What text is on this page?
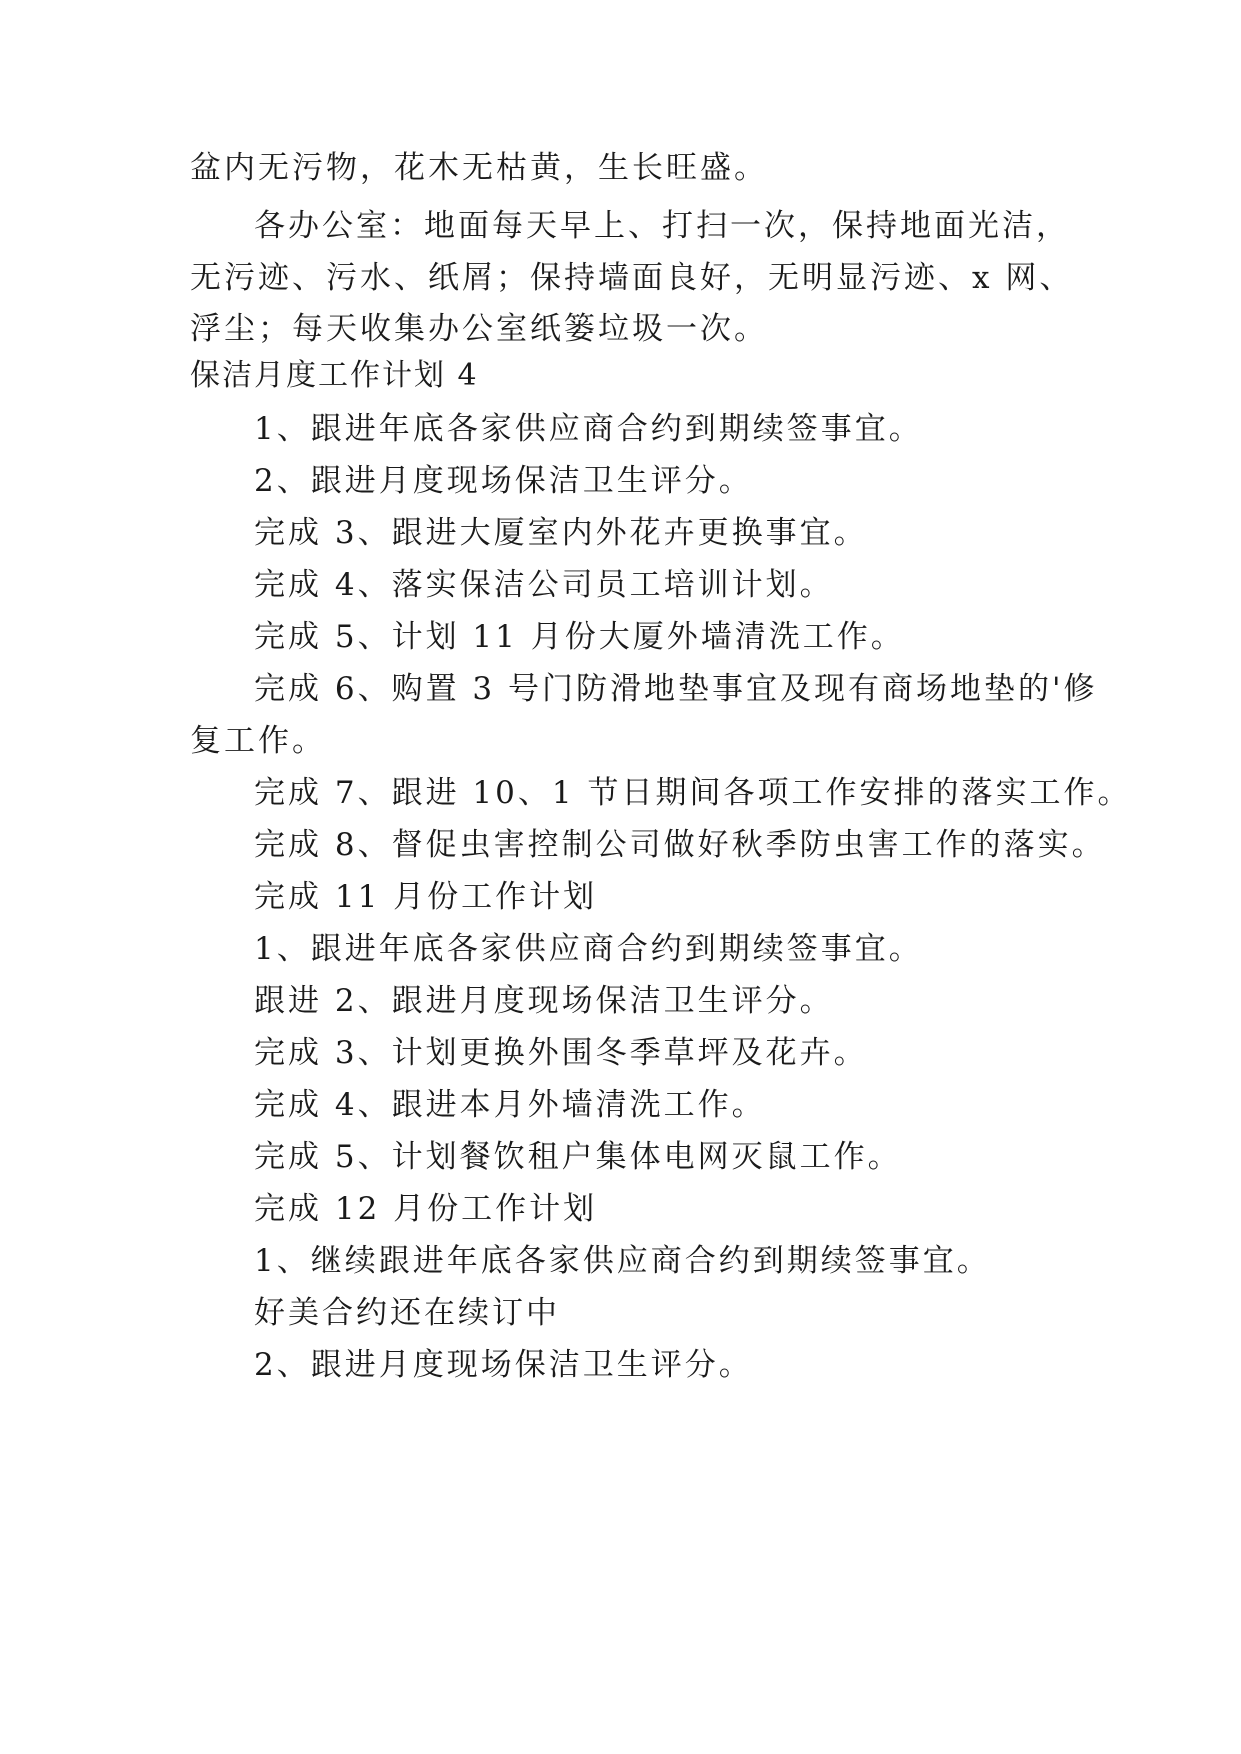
盆内无污物，花木无枯黄，生长旺盛。
各办公室：地面每天早上、打扫一次，保持地面光洁，
无污迹、污水、纸屑；保持墙面良好，无明显污迹、x 网、
浮尘；每天收集办公室纸篓垃圾一次。
保洁月度工作计划 4
1、跟进年底各家供应商合约到期续签事宜。
2、跟进月度现场保洁卫生评分。
完成 3、跟进大厦室内外花卉更换事宜。
完成 4、落实保洁公司员工培训计划。
完成 5、计划 11 月份大厦外墙清洗工作。
完成 6、购置 3 号门防滑地垫事宜及现有商场地垫的'修
复工作。
完成 7、跟进 10、1 节日期间各项工作安排的落实工作。
完成 8、督促虫害控制公司做好秋季防虫害工作的落实。
完成 11 月份工作计划
1、跟进年底各家供应商合约到期续签事宜。
跟进 2、跟进月度现场保洁卫生评分。
完成 3、计划更换外围冬季草坪及花卉。
完成 4、跟进本月外墙清洗工作。
完成 5、计划餐饮租户集体电网灭鼠工作。
完成 12 月份工作计划
1、继续跟进年底各家供应商合约到期续签事宜。
好美合约还在续订中
2、跟进月度现场保洁卫生评分。
